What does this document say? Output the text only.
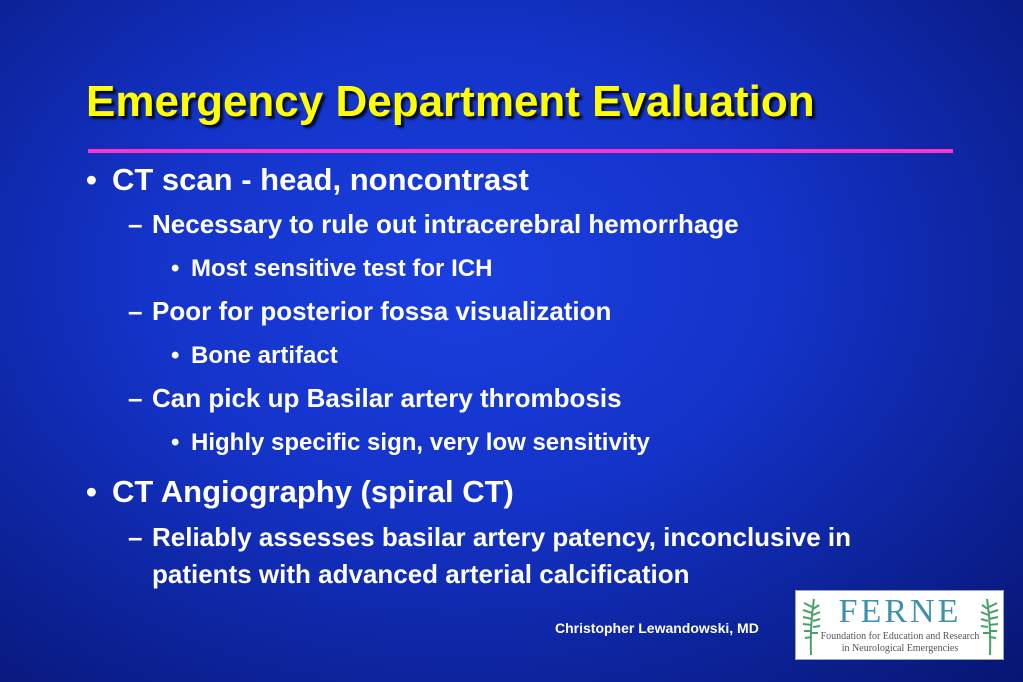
Emergency Department Evaluation
• CT scan - head, noncontrast
– Necessary to rule out intracerebral hemorrhage
• Most sensitive test for ICH
– Poor for posterior fossa visualization
• Bone artifact
– Can pick up Basilar artery thrombosis
• Highly specific sign, very low sensitivity
• CT Angiography (spiral CT)
– Reliably assesses basilar artery patency, inconclusive in
patients with advanced arterial calcification
Christopher Lewandowski, MD	FERNE
Foundation for Education and Research
in Neurological Emergencies
